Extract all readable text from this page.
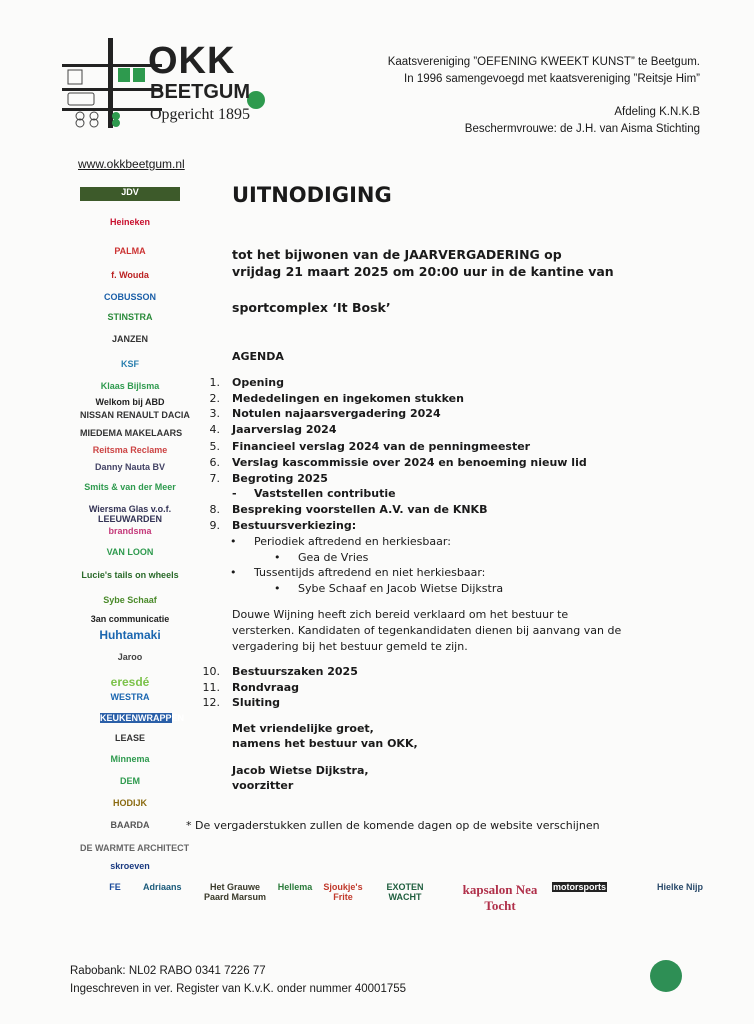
OKK
BEETGUM
Opgericht 1895
Kaatsvereniging ”OEFENING KWEEKT KUNST” te Beetgum.
In 1996 samengevoegd met kaatsvereniging ”Reitsje Him”
Afdeling K.N.K.B
Beschermvrouwe: de J.H. van Aisma Stichting
www.okkbeetgum.nl
UITNODIGING
tot het bijwonen van de JAARVERGADERING op
vrijdag 21 maart 2025 om 20:00 uur in de kantine van
sportcomplex ‘It Bosk’
AGENDA
1. Opening
2. Mededelingen en ingekomen stukken
3. Notulen najaarsvergadering 2024
4. Jaarverslag 2024
5. Financieel verslag 2024 van de penningmeester
6. Verslag kascommissie over 2024 en benoeming nieuw lid
7. Begroting 2025
8. Bespreking voorstellen A.V. van de KNKB
9. Bestuursverkiezing:
10. Bestuurszaken 2025
11. Rondvraag
12. Sluiting
- Vaststellen contributie
• Periodiek aftredend en herkiesbaar:
• Gea de Vries
• Tussentijds aftredend en niet herkiesbaar:
• Sybe Schaaf en Jacob Wietse Dijkstra
Douwe Wijning heeft zich bereid verklaard om het bestuur te
versterken. Kandidaten of tegenkandidaten dienen bij aanvang van de
vergadering bij het bestuur gemeld te zijn.
Met vriendelijke groet,
namens het bestuur van OKK,
Jacob Wietse Dijkstra,
voorzitter
* De vergaderstukken zullen de komende dagen op de website verschijnen
JDV
Heineken
PALMA
f. Wouda
COBUSSON
STINSTRA
JANZEN
KSF
Klaas Bijlsma
Welkom bij ABD
NISSAN RENAULT DACIA
MIEDEMA MAKELAARS
Reitsma Reclame
Danny Nauta BV
Smits & van der Meer
Wiersma Glas v.o.f. LEEUWARDEN
brandsma
VAN LOON
Lucie's tails on wheels
Sybe Schaaf
3an communicatie
Huhtamaki
Jaroo
eresdé
WESTRA
KEUKENWRAPPEN
LEASE
Minnema
DEM
HODIJK
BAARDA
DE WARMTE ARCHITECT
skroeven
FE	Adriaans	Het Grauwe Paard Marsum
Hellema	Sjoukje's Frite
EXOTEN WACHT	kapsalon Nea Tocht
motorsports	Hielke Nijp
Rabobank: NL02 RABO 0341 7226 77
Ingeschreven in ver. Register van K.v.K. onder nummer 40001755
